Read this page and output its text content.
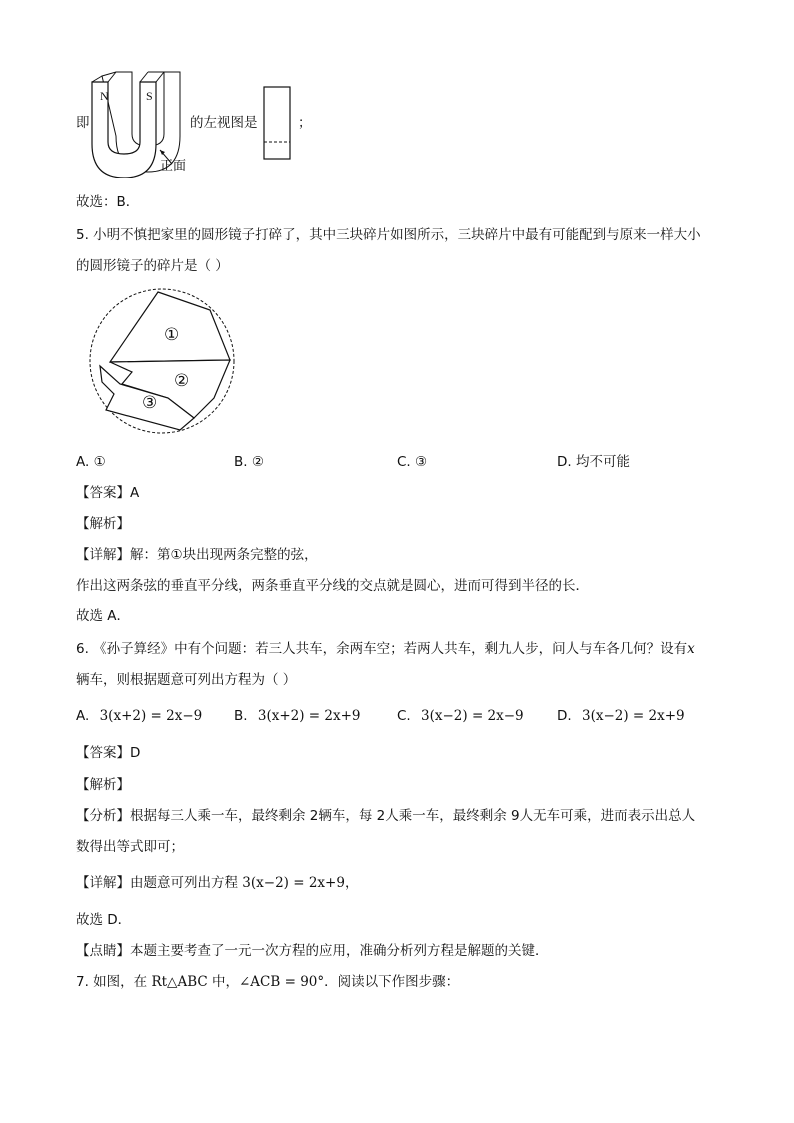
即
N	S
正面
的左视图是	；
故选：B．
5. 小明不慎把家里的圆形镜子打碎了，其中三块碎片如图所示，三块碎片中最有可能配到与原来一样大小
的圆形镜子的碎片是（ ）
①
②
③
A. ①	B. ②	C. ③	D. 均不可能
【答案】A
【解析】
【详解】解：第①块出现两条完整的弦，
作出这两条弦的垂直平分线，两条垂直平分线的交点就是圆心，进而可得到半径的长．
故选 A．
6. 《孙子算经》中有个问题：若三人共车，余两车空；若两人共车，剩九人步，问人与车各几何？设有x
辆车，则根据题意可列出方程为（ ）
A. 3(x+2) = 2x−9 B. 3(x+2) = 2x+9	C. 3(x−2) = 2x−9 D. 3(x−2) = 2x+9
【答案】D
【解析】
【分析】根据每三人乘一车，最终剩余 2辆车，每 2人乘一车，最终剩余 9人无车可乘，进而表示出总人
数得出等式即可；
【详解】由题意可列出方程 3(x−2) = 2x+9，
故选 D．
【点睛】本题主要考查了一元一次方程的应用，准确分析列方程是解题的关键．
7. 如图，在 Rt△ABC 中，∠ACB = 90°．阅读以下作图步骤：
